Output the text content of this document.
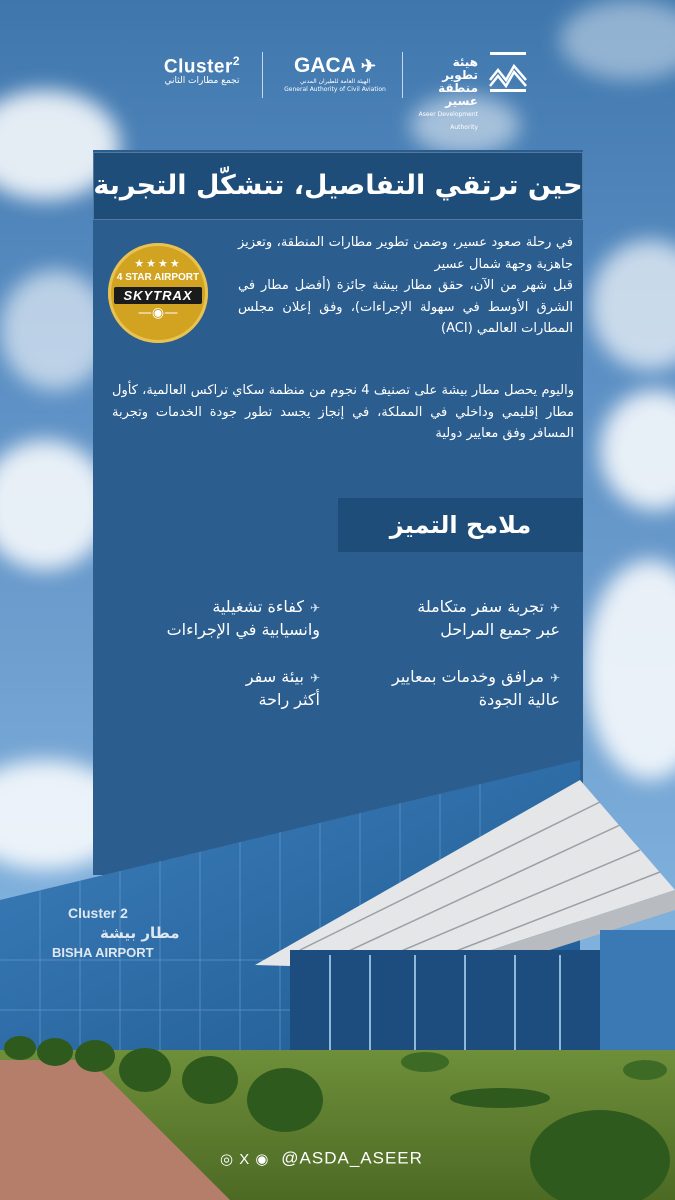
Cluster$^2$
تجمع مطارات الثاني
GACA ✈
الهيئة العامة للطيران المدني
General Authority of Civil Aviation
هيئة تطوير
منطقة عسير
Aseer Development Authority
حين ترتقي التفاصيل، تتشكّل التجربة
★★★★
4 STAR AIRPORT
SKYTRAX
—◉—

في رحلة صعود عسير، وضمن تطوير مطارات المنطقة، وتعزيز جاهزية وجهة شمال عسير

قبل شهر من الآن، حقق مطار بيشة جائزة (أفضل مطار في الشرق الأوسط في سهولة الإجراءات)، وفق إعلان مجلس المطارات العالمي (ACI)

واليوم يحصل مطار بيشة على تصنيف 4 نجوم من منظمة سكاي تراكس العالمية، كأول مطار إقليمي وداخلي في المملكة، في إنجاز يجسد تطور جودة الخدمات وتجربة المسافر وفق معايير دولية

ملامح التميز
✈تجربة سفر متكاملة
عبر جميع المراحل
✈كفاءة تشغيلية
وانسيابية في الإجراءات
✈مرافق وخدمات بمعايير
عالية الجودة
✈بيئة سفر
أكثر راحة
Cluster 2
BISHA AIRPORT
مطار بيشة
◎ X ◉ @ASDA_ASEER
